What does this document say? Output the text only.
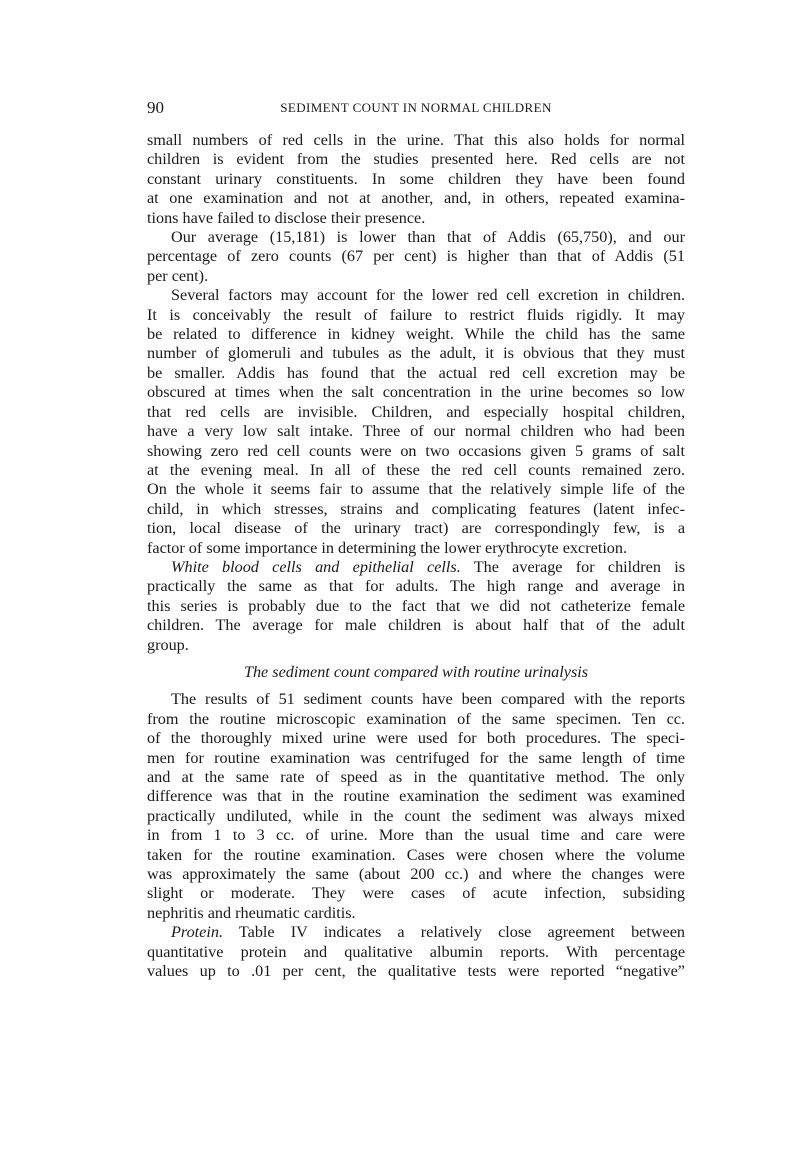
90	SEDIMENT COUNT IN NORMAL CHILDREN
small numbers of red cells in the urine. That this also holds for normal
children is evident from the studies presented here. Red cells are not
constant urinary constituents. In some children they have been found
at one examination and not at another, and, in others, repeated examina-
tions have failed to disclose their presence.
Our average (15,181) is lower than that of Addis (65,750), and our
percentage of zero counts (67 per cent) is higher than that of Addis (51
per cent).
Several factors may account for the lower red cell excretion in children.
It is conceivably the result of failure to restrict fluids rigidly. It may
be related to difference in kidney weight. While the child has the same
number of glomeruli and tubules as the adult, it is obvious that they must
be smaller. Addis has found that the actual red cell excretion may be
obscured at times when the salt concentration in the urine becomes so low
that red cells are invisible. Children, and especially hospital children,
have a very low salt intake. Three of our normal children who had been
showing zero red cell counts were on two occasions given 5 grams of salt
at the evening meal. In all of these the red cell counts remained zero.
On the whole it seems fair to assume that the relatively simple life of the
child, in which stresses, strains and complicating features (latent infec-
tion, local disease of the urinary tract) are correspondingly few, is a
factor of some importance in determining the lower erythrocyte excretion.
White blood cells and epithelial cells. The average for children is
practically the same as that for adults. The high range and average in
this series is probably due to the fact that we did not catheterize female
children. The average for male children is about half that of the adult
group.
The sediment count compared with routine urinalysis
The results of 51 sediment counts have been compared with the reports
from the routine microscopic examination of the same specimen. Ten cc.
of the thoroughly mixed urine were used for both procedures. The speci-
men for routine examination was centrifuged for the same length of time
and at the same rate of speed as in the quantitative method. The only
difference was that in the routine examination the sediment was examined
practically undiluted, while in the count the sediment was always mixed
in from 1 to 3 cc. of urine. More than the usual time and care were
taken for the routine examination. Cases were chosen where the volume
was approximately the same (about 200 cc.) and where the changes were
slight or moderate. They were cases of acute infection, subsiding
nephritis and rheumatic carditis.
Protein. Table IV indicates a relatively close agreement between
quantitative protein and qualitative albumin reports. With percentage
values up to .01 per cent, the qualitative tests were reported “negative”
